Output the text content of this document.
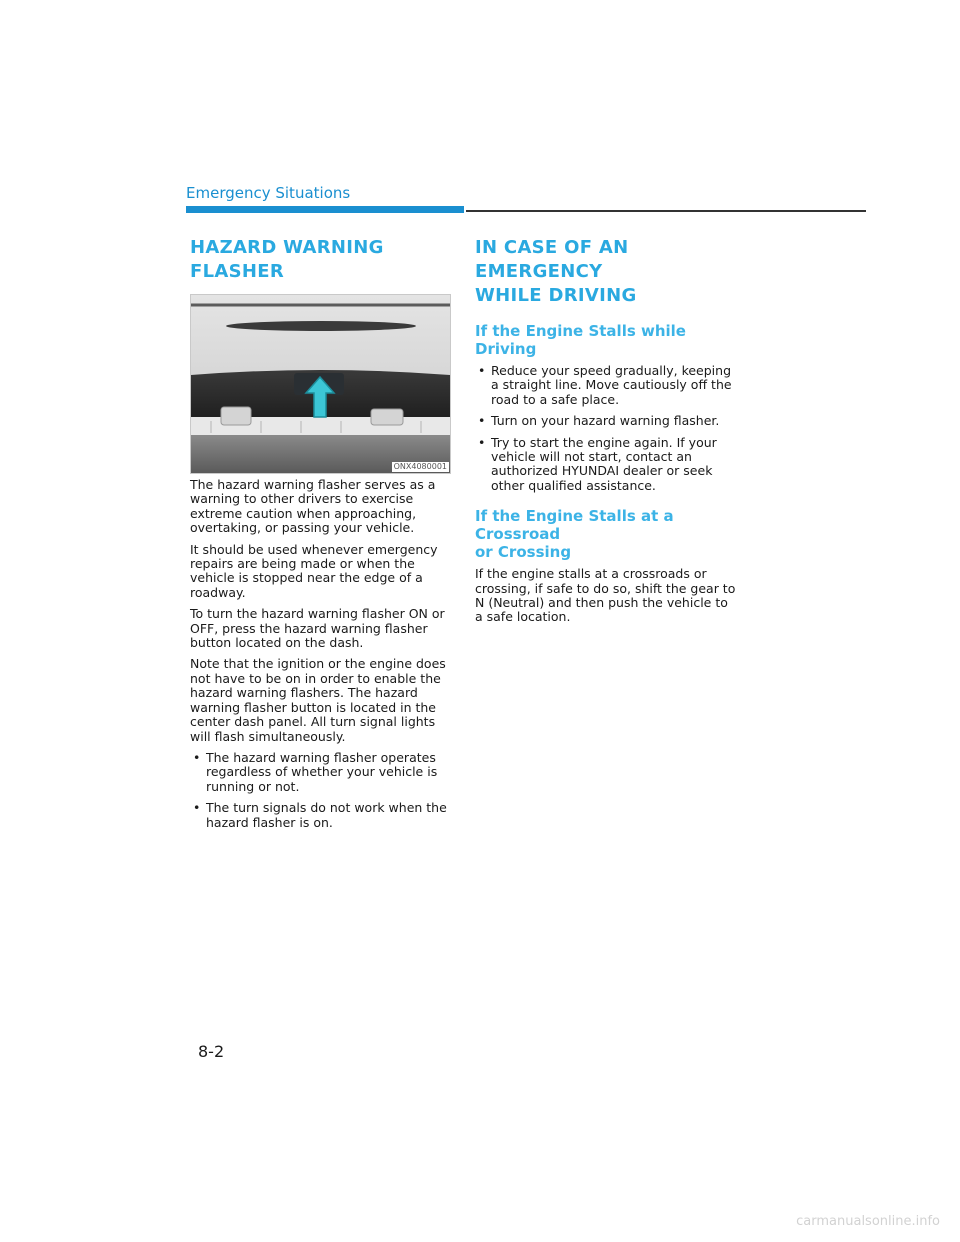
Emergency Situations
HAZARD WARNING
FLASHER
ONX4080001

The hazard warning flasher serves as a warning to other drivers to exercise extreme caution when approaching, overtaking, or passing your vehicle.

It should be used whenever emergency repairs are being made or when the vehicle is stopped near the edge of a roadway.

To turn the hazard warning flasher ON or OFF, press the hazard warning flasher button located on the dash.

Note that the ignition or the engine does not have to be on in order to enable the hazard warning flashers. The hazard warning flasher button is located in the center dash panel. All turn signal lights will flash simultaneously.

• The hazard warning flasher operates regardless of whether your vehicle is running or not.
• The turn signals do not work when the hazard flasher is on.
IN CASE OF AN EMERGENCY
WHILE DRIVING
If the Engine Stalls while Driving
• Reduce your speed gradually, keeping a straight line. Move cautiously off the road to a safe place.
• Turn on your hazard warning flasher.
• Try to start the engine again. If your vehicle will not start, contact an authorized HYUNDAI dealer or seek other qualified assistance.
If the Engine Stalls at a Crossroad
or Crossing

If the engine stalls at a crossroads or crossing, if safe to do so, shift the gear to N (Neutral) and then push the vehicle to a safe location.

8-2
carmanualsonline.info
